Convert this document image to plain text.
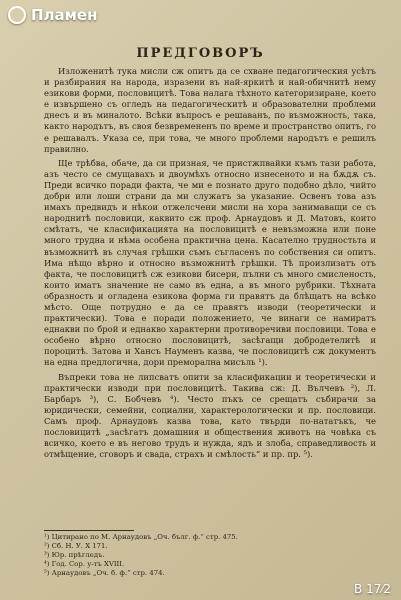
Пламен
ПРЕДГОВОРЪ

Изложенитѣ тука мисли сж опитъ да се схване педагогическия усѣтъ и разбирания на народа, изразени въ най-яркитѣ и най-обичнитѣ нему езикови форми, пословицитѣ. Това налага тѣхното категоризиране, което е извършено съ огледъ на педагогическитѣ и образователни проблеми днесъ и въ миналото. Всѣки въпросъ е решаванъ, по възможность, така, както народътъ, въ своя безвремененъ по време и пространство опитъ, го е решавалъ. Указа се, при това, че много проблеми народътъ е решилъ правилно.

Ще трѣбва, обаче, да си призная, че пристжпвайки къмъ тази работа, азъ често се смущавахъ и двоумѣхъ относно изнесеното и на бѫдѫ съ. Преди всичко поради факта, че ми е познато друго подобно дѣло, чийто добри или лоши страни да ми служатъ за указание. Освенъ това азъ имахъ предвидъ и нѣкои отжелсчени мисли на хора занимаващи се съ народнитѣ пословици, каквито сж проф. Арнаудовъ и Д. Матовъ, които смѣтатъ, че класификацията на пословицитѣ е невъзможна или поне много трудна и нѣма особена практична цена. Касателно трудностьта и възможнитѣ въ случая грѣшки съмъ съгласенъ по собствения си опитъ. Има нѣщо вѣрно и относно възможнитѣ грѣшки. Тѣ произлизатъ отъ факта, че пословицитѣ сж езикови бисери, пълни съ много смисленость, които иматъ значение не само въ една, а въ много рубрики. Тѣхната образность и огладена езикова форма ги правятъ да блѣщатъ на всѣко мѣсто. Още потрудно е да се правятъ изводи (теоретически и практически). Това е поради положението, че винаги се намиратъ еднакви по брой и еднакво характерни противоречиви пословици. Това е особено вѣрно относно пословицитѣ, засѣгащи добродетелитѣ и пороцитѣ. Затова и Хансъ Науменъ казва, че пословицитѣ сж документъ на една предлогична, дори преморална мисъль ¹).

Въпреки това не липсватъ опити за класификации и теоретически и практически изводи при пословицитѣ. Такива сж: Д. Вълчевъ ²), Л. Барбаръ ³), С. Бобчевъ ⁴). Често пъкъ се срещатъ събирачи за юридически, семейни, социални, характерологически и пр. пословици. Самъ проф. Арнаудовъ казва това, като твърди по-нататъкъ, че пословицитѣ „засѣгатъ домашния и обществения животъ на човѣка съ всичко, което е въ негово трудъ и нужда, ядъ и злоба, справедливость и отмѣщение, сговоръ и свада, страхъ и смѣлость“ и пр. пр. ⁵).

¹) Цитирано по М. Арнаудовъ „Оч. бълг. ф.“ стр. 475.
²) Сб. Н. У. Х 171.
³) Юр. прѣгледъ.
⁴) Год. Сор. у-тъ XVIII.
⁵) Арнаудовъ „Оч. б. ф.“ стр. 474.
В 17⁄2
